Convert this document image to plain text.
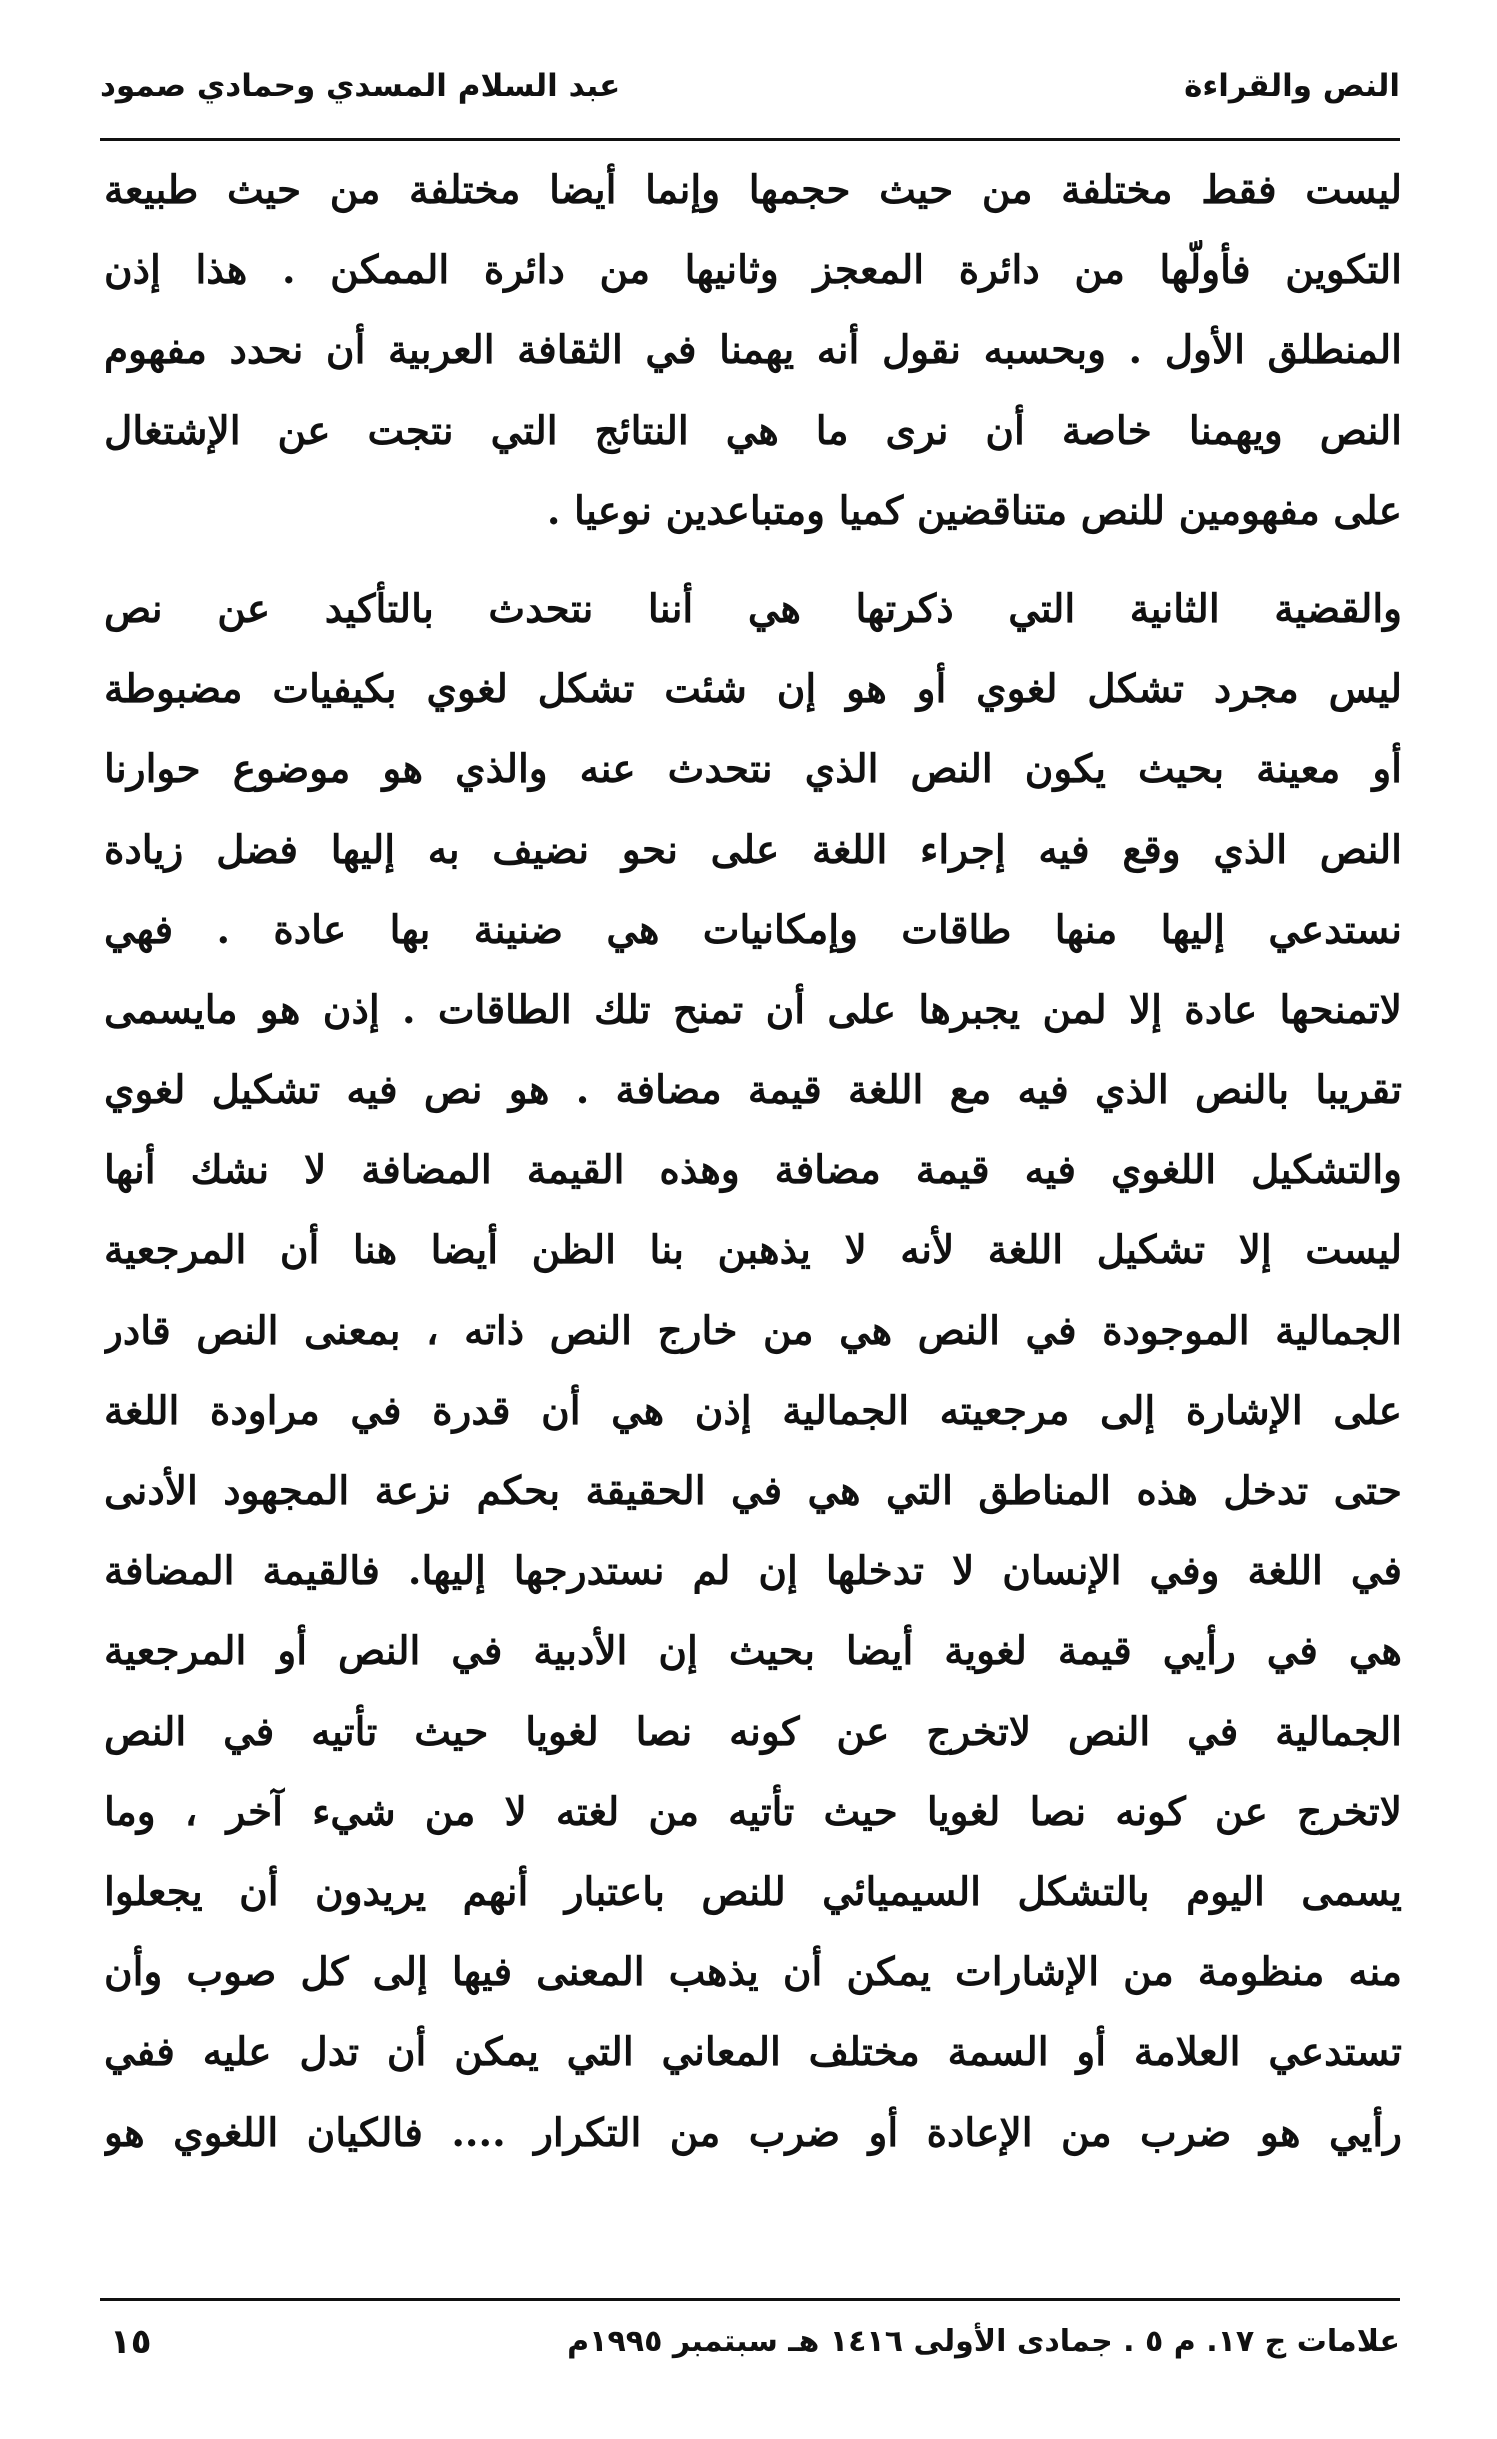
النص والقراءة
عبد السلام المسدي وحمادي صمود

ليست فقط مختلفة من حيث حجمها وإنما أيضا مختلفة من حيث طبيعة
التكوين فأولّها من دائرة المعجز وثانيها من دائرة الممكن . هذا إذن
المنطلق الأول . وبحسبه نقول أنه يهمنا في الثقافة العربية أن نحدد مفهوم
النص ويهمنا خاصة أن نرى ما هي النتائج التي نتجت عن الإشتغال
على مفهومين للنص متناقضين كميا ومتباعدين نوعيا .

والقضية الثانية التي ذكرتها هي أننا نتحدث بالتأكيد عن نص
ليس مجرد تشكل لغوي أو هو إن شئت تشكل لغوي بكيفيات مضبوطة
أو معينة بحيث يكون النص الذي نتحدث عنه والذي هو موضوع حوارنا
النص الذي وقع فيه إجراء اللغة على نحو نضيف به إليها فضل زيادة
نستدعي إليها منها طاقات وإمكانيات هي ضنينة بها عادة . فهي
لاتمنحها عادة إلا لمن يجبرها على أن تمنح تلك الطاقات . إذن هو مايسمى
تقريبا بالنص الذي فيه مع اللغة قيمة مضافة . هو نص فيه تشكيل لغوي
والتشكيل اللغوي فيه قيمة مضافة وهذه القيمة المضافة لا نشك أنها
ليست إلا تشكيل اللغة لأنه لا يذهبن بنا الظن أيضا هنا أن المرجعية
الجمالية الموجودة في النص هي من خارج النص ذاته ، بمعنى النص قادر
على الإشارة إلى مرجعيته الجمالية إذن هي أن قدرة في مراودة اللغة
حتى تدخل هذه المناطق التي هي في الحقيقة بحكم نزعة المجهود الأدنى
في اللغة وفي الإنسان لا تدخلها إن لم نستدرجها إليها. فالقيمة المضافة
هي في رأيي قيمة لغوية أيضا بحيث إن الأدبية في النص أو المرجعية
الجمالية في النص لاتخرج عن كونه نصا لغويا حيث تأتيه في النص
لاتخرج عن كونه نصا لغويا حيث تأتيه من لغته لا من شيء آخر ، وما
يسمى اليوم بالتشكل السيميائي للنص باعتبار أنهم يريدون أن يجعلوا
منه منظومة من الإشارات يمكن أن يذهب المعنى فيها إلى كل صوب وأن
تستدعي العلامة أو السمة مختلف المعاني التي يمكن أن تدل عليه ففي
رأيي هو ضرب من الإعادة أو ضرب من التكرار .... فالكيان اللغوي هو

علامات ج ١٧. م ٥ . جمادى الأولى ١٤١٦ هـ سبتمبر ١٩٩٥م
١٥
